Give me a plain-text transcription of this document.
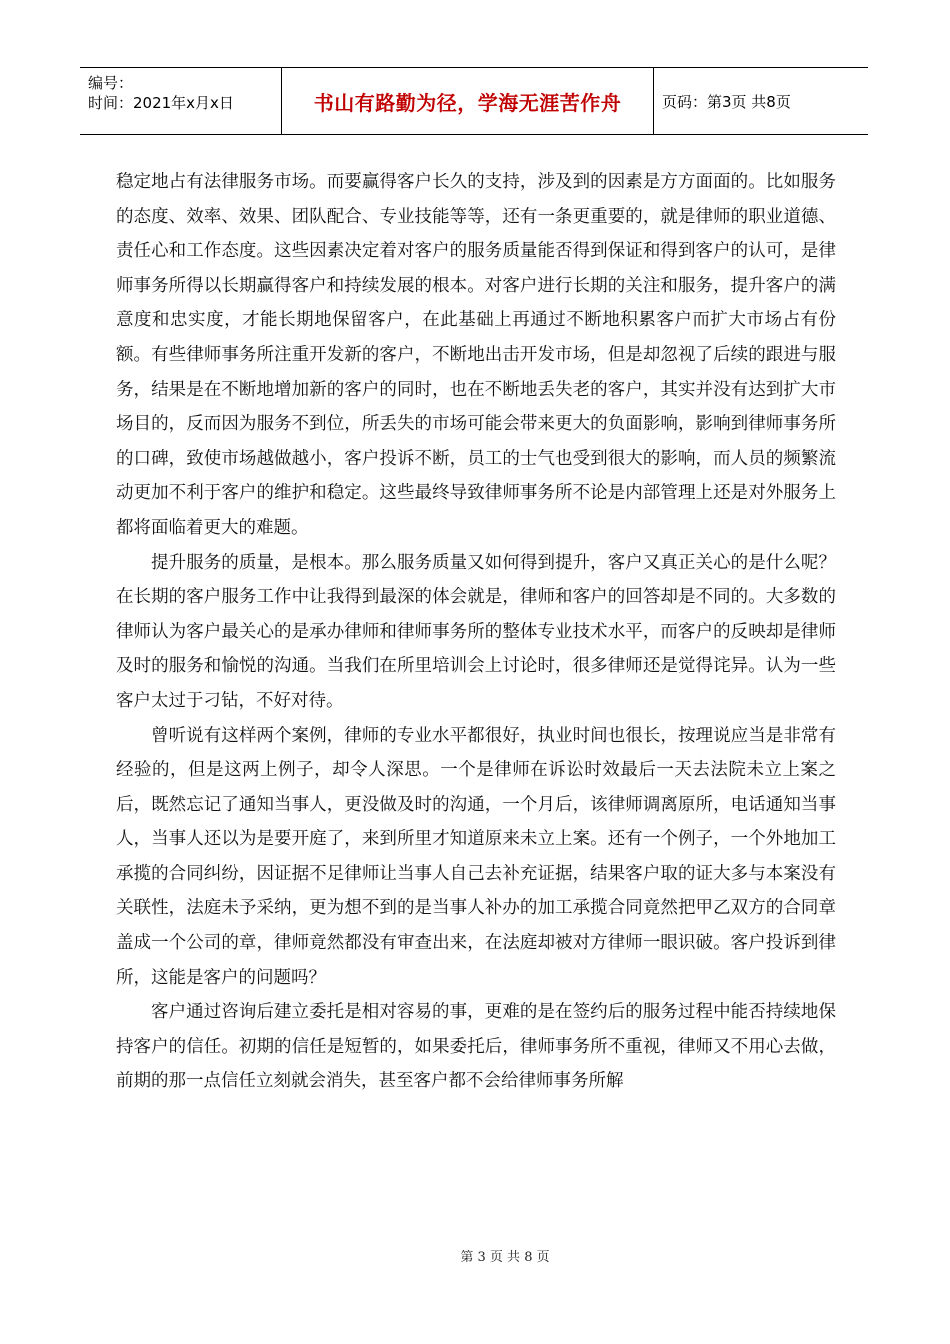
编号：
时间：2021年x月x日	书山有路勤为径，学海无涯苦作舟	页码：第3页 共8页

稳定地占有法律服务市场。而要赢得客户长久的支持，涉及到的因素是方方面面的。比如服务的态度、效率、效果、团队配合、专业技能等等，还有一条更重要的，就是律师的职业道德、责任心和工作态度。这些因素决定着对客户的服务质量能否得到保证和得到客户的认可，是律师事务所得以长期赢得客户和持续发展的根本。对客户进行长期的关注和服务，提升客户的满意度和忠实度，才能长期地保留客户，在此基础上再通过不断地积累客户而扩大市场占有份额。有些律师事务所注重开发新的客户，不断地出击开发市场，但是却忽视了后续的跟进与服务，结果是在不断地增加新的客户的同时，也在不断地丢失老的客户，其实并没有达到扩大市场目的，反而因为服务不到位，所丢失的市场可能会带来更大的负面影响，影响到律师事务所的口碑，致使市场越做越小，客户投诉不断，员工的士气也受到很大的影响，而人员的频繁流动更加不利于客户的维护和稳定。这些最终导致律师事务所不论是内部管理上还是对外服务上都将面临着更大的难题。

提升服务的质量，是根本。那么服务质量又如何得到提升，客户又真正关心的是什么呢？在长期的客户服务工作中让我得到最深的体会就是，律师和客户的回答却是不同的。大多数的律师认为客户最关心的是承办律师和律师事务所的整体专业技术水平，而客户的反映却是律师及时的服务和愉悦的沟通。当我们在所里培训会上讨论时，很多律师还是觉得诧异。认为一些客户太过于刁钻，不好对待。

曾听说有这样两个案例，律师的专业水平都很好，执业时间也很长，按理说应当是非常有经验的，但是这两上例子，却令人深思。一个是律师在诉讼时效最后一天去法院未立上案之后，既然忘记了通知当事人，更没做及时的沟通，一个月后，该律师调离原所，电话通知当事人，当事人还以为是要开庭了，来到所里才知道原来未立上案。还有一个例子，一个外地加工承揽的合同纠纷，因证据不足律师让当事人自己去补充证据，结果客户取的证大多与本案没有关联性，法庭未予采纳，更为想不到的是当事人补办的加工承揽合同竟然把甲乙双方的合同章盖成一个公司的章，律师竟然都没有审查出来，在法庭却被对方律师一眼识破。客户投诉到律所，这能是客户的问题吗？

客户通过咨询后建立委托是相对容易的事，更难的是在签约后的服务过程中能否持续地保持客户的信任。初期的信任是短暂的，如果委托后，律师事务所不重视，律师又不用心去做，前期的那一点信任立刻就会消失，甚至客户都不会给律师事务所解

第 3 页 共 8 页
